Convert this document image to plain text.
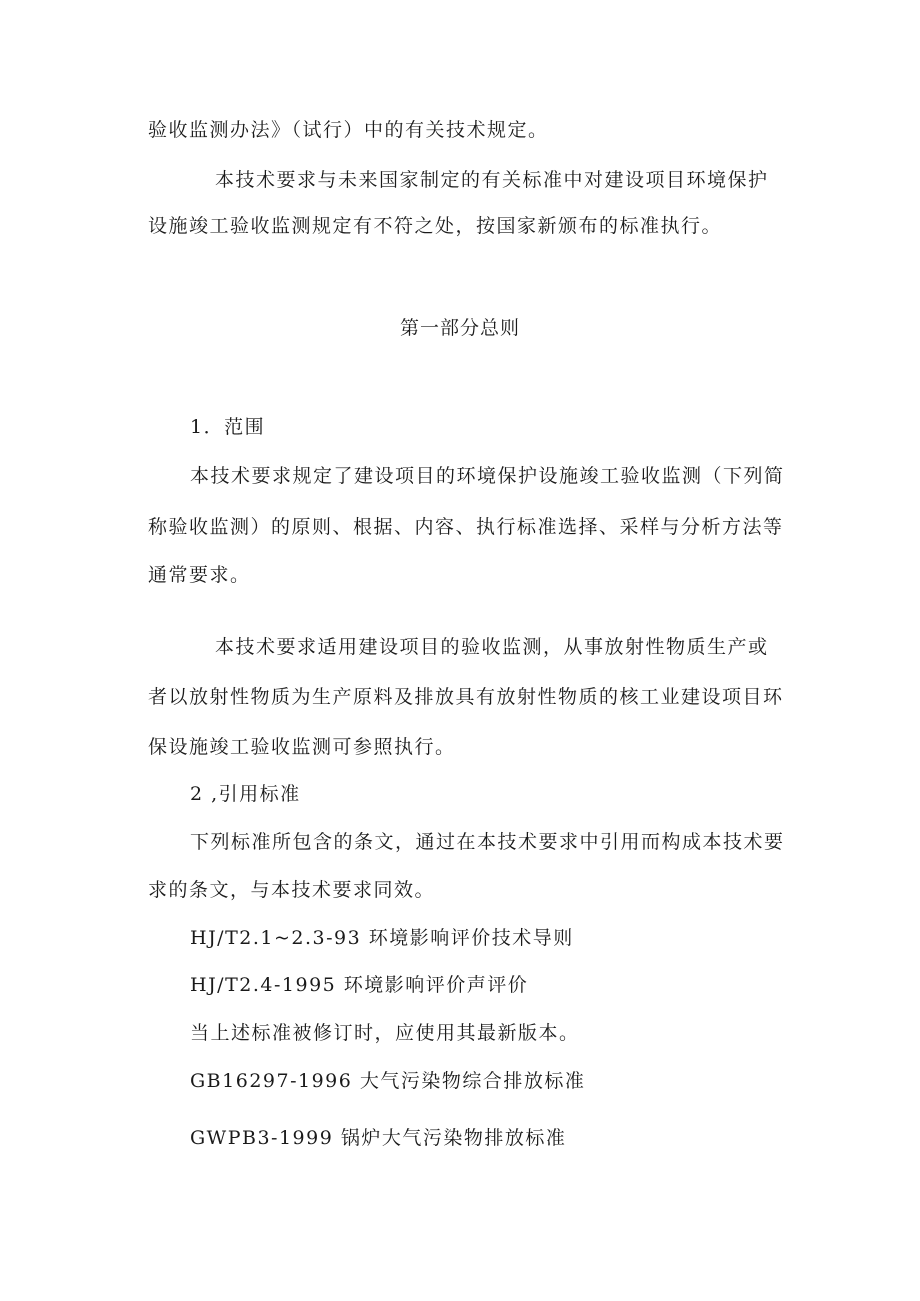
验收监测办法》（试行）中的有关技术规定。
本技术要求与未来国家制定的有关标准中对建设项目环境保护
设施竣工验收监测规定有不符之处，按国家新颁布的标准执行。
第一部分总则
1．范围
本技术要求规定了建设项目的环境保护设施竣工验收监测（下列简
称验收监测）的原则、根据、内容、执行标准选择、采样与分析方法等
通常要求。
本技术要求适用建设项目的验收监测，从事放射性物质生产或
者以放射性物质为生产原料及排放具有放射性物质的核工业建设项目环
保设施竣工验收监测可参照执行。
2 ,引用标准
下列标准所包含的条文，通过在本技术要求中引用而构成本技术要
求的条文，与本技术要求同效。
HJ/T2.1~2.3-93 环境影响评价技术导则
HJ/T2.4-1995 环境影响评价声评价
当上述标准被修订时，应使用其最新版本。
GB16297-1996 大气污染物综合排放标准
GWPB3-1999 锅炉大气污染物排放标准
